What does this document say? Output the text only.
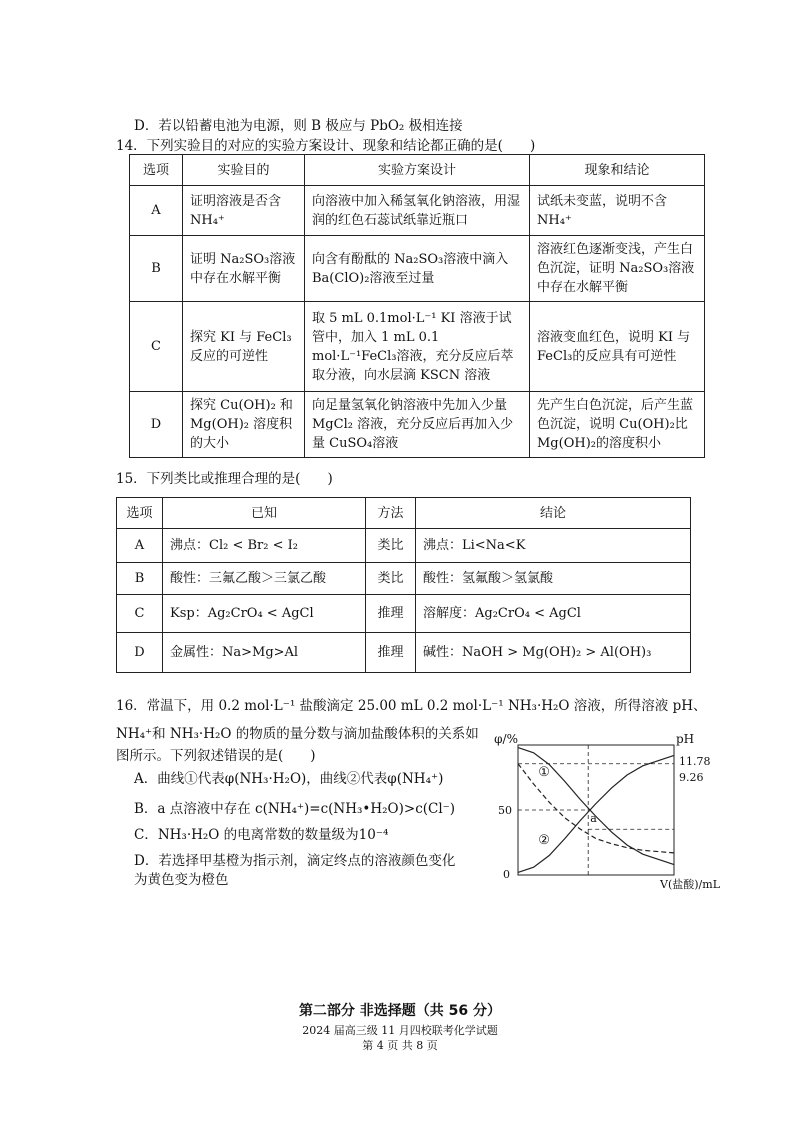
D．若以铅蓄电池为电源，则 B 极应与 PbO₂ 极相连接
14．下列实验目的对应的实验方案设计、现象和结论都正确的是(　　)
选项	实验目的	实验方案设计	现象和结论
A	证明溶液是否含NH₄⁺	向溶液中加入稀氢氧化钠溶液，用湿润的红色石蕊试纸靠近瓶口	试纸未变蓝，说明不含NH₄⁺
B	证明 Na₂SO₃溶液中存在水解平衡	向含有酚酞的 Na₂SO₃溶液中滴入 Ba(ClO)₂溶液至过量	溶液红色逐渐变浅，产生白色沉淀，证明 Na₂SO₃溶液中存在水解平衡
C	探究 KI 与 FeCl₃反应的可逆性	取 5 mL 0.1mol·L⁻¹ KI 溶液于试管中，加入 1 mL 0.1 mol·L⁻¹FeCl₃溶液，充分反应后萃取分液，向水层滴 KSCN 溶液	溶液变血红色，说明 KI 与 FeCl₃的反应具有可逆性
D	探究 Cu(OH)₂ 和 Mg(OH)₂ 溶度积的大小	向足量氢氧化钠溶液中先加入少量 MgCl₂ 溶液，充分反应后再加入少量 CuSO₄溶液	先产生白色沉淀，后产生蓝色沉淀，说明 Cu(OH)₂比 Mg(OH)₂的溶度积小
15．下列类比或推理合理的是(　　)
选项	已知	方法	结论
A	沸点：Cl₂ < Br₂ < I₂	类比	沸点：Li<Na<K
B	酸性：三氟乙酸＞三氯乙酸	类比	酸性：氢氟酸＞氢氯酸
C	Ksp：Ag₂CrO₄ < AgCl	推理	溶解度：Ag₂CrO₄ < AgCl
D	金属性：Na>Mg>Al	推理	碱性：NaOH > Mg(OH)₂ > Al(OH)₃
16．常温下，用 0.2 mol·L⁻¹ 盐酸滴定 25.00 mL 0.2 mol·L⁻¹ NH₃·H₂O 溶液，所得溶液 pH、
NH₄⁺和 NH₃·H₂O 的物质的量分数与滴加盐酸体积的关系如
图所示。下列叙述错误的是(　　)
A．曲线①代表φ(NH₃·H₂O)，曲线②代表φ(NH₄⁺)
B．a 点溶液中存在 c(NH₄⁺)=c(NH₃•H₂O)>c(Cl⁻)
C．NH₃·H₂O 的电离常数的数量级为10⁻⁴
D．若选择甲基橙为指示剂，滴定终点的溶液颜色变化
为黄色变为橙色
φ/%	pH
0
50
11.78
9.26
V(盐酸)/mL
①
②
a
第二部分 非选择题（共 56 分）
2024 届高三级 11 月四校联考化学试题
第 4 页 共 8 页
